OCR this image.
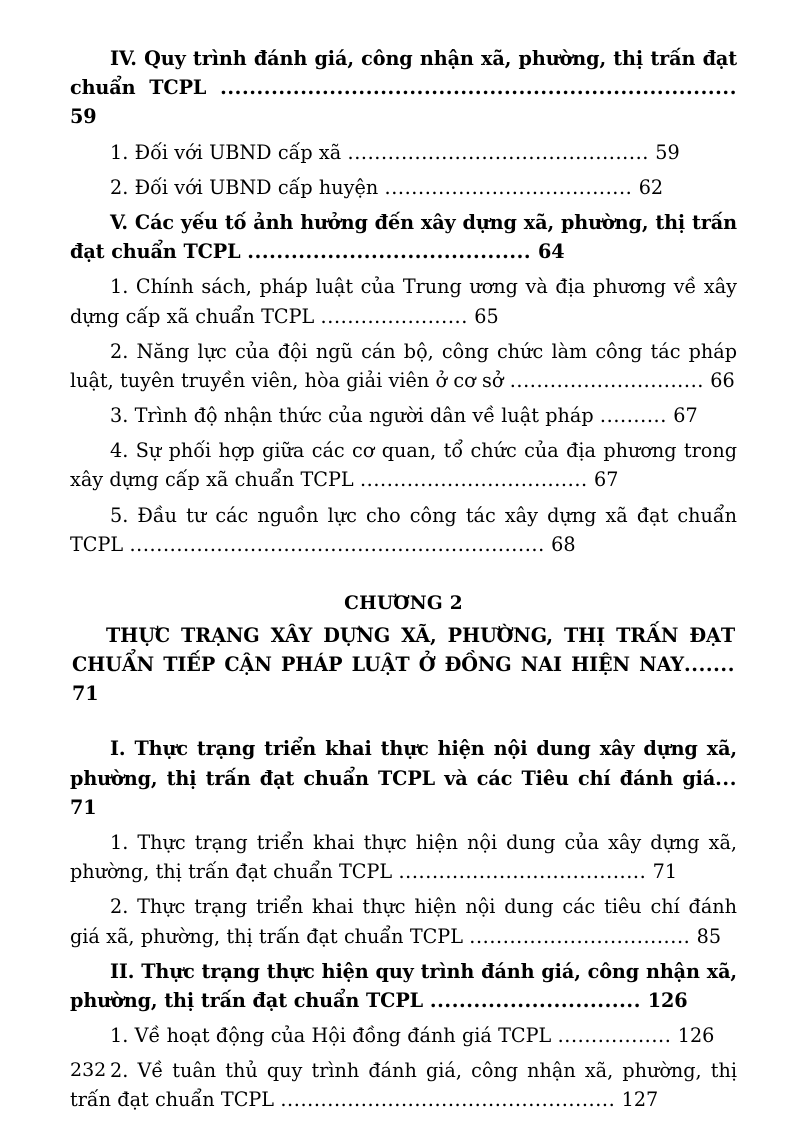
IV. Quy trình đánh giá, công nhận xã, phường, thị trấn đạt chuẩn TCPL ....................................................................... 59
1. Đối với UBND cấp xã ............................................. 59
2. Đối với UBND cấp huyện ..................................... 62
V. Các yếu tố ảnh hưởng đến xây dựng xã, phường, thị trấn đạt chuẩn TCPL ....................................... 64
1. Chính sách, pháp luật của Trung ương và địa phương về xây dựng cấp xã chuẩn TCPL ...................... 65
2. Năng lực của đội ngũ cán bộ, công chức làm công tác pháp luật, tuyên truyền viên, hòa giải viên ở cơ sở ............................. 66
3. Trình độ nhận thức của người dân về luật pháp .......... 67
4. Sự phối hợp giữa các cơ quan, tổ chức của địa phương trong xây dựng cấp xã chuẩn TCPL .................................. 67
5. Đầu tư các nguồn lực cho công tác xây dựng xã đạt chuẩn TCPL .............................................................. 68
CHƯƠNG 2
THỰC TRẠNG XÂY DỰNG XÃ, PHƯỜNG, THỊ TRẤN ĐẠT
CHUẨN TIẾP CẬN PHÁP LUẬT Ở ĐỒNG NAI HIỆN NAY....... 71
I. Thực trạng triển khai thực hiện nội dung xây dựng xã, phường, thị trấn đạt chuẩn TCPL và các Tiêu chí đánh giá... 71
1. Thực trạng triển khai thực hiện nội dung của xây dựng xã, phường, thị trấn đạt chuẩn TCPL ..................................... 71
2. Thực trạng triển khai thực hiện nội dung các tiêu chí đánh giá xã, phường, thị trấn đạt chuẩn TCPL ................................. 85
II. Thực trạng thực hiện quy trình đánh giá, công nhận xã, phường, thị trấn đạt chuẩn TCPL ............................. 126
1. Về hoạt động của Hội đồng đánh giá TCPL ................. 126
2. Về tuân thủ quy trình đánh giá, công nhận xã, phường, thị trấn đạt chuẩn TCPL .................................................. 127
232
